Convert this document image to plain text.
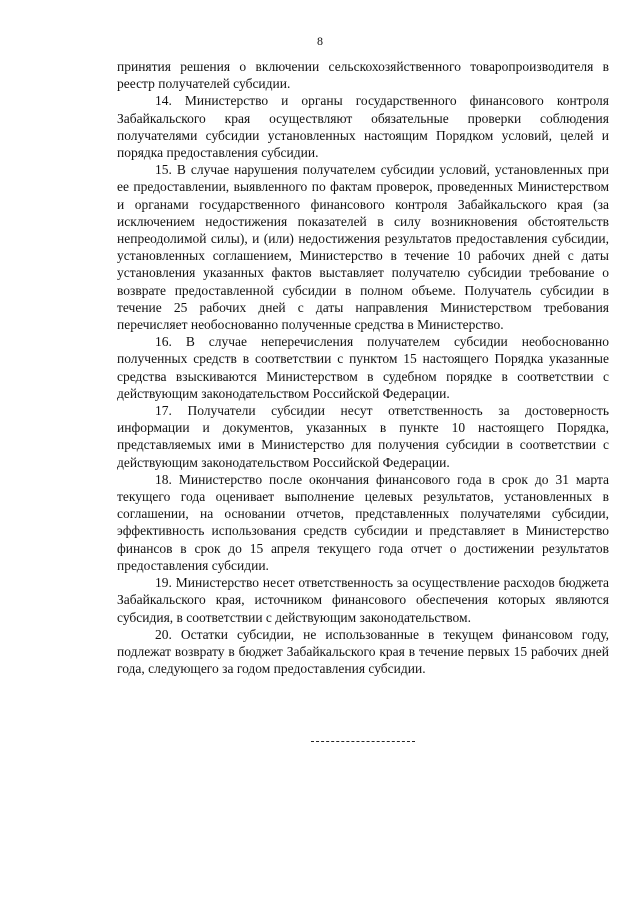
8

принятия решения о включении сельскохозяйственного товаропроизводителя в реестр получателей субсидии.

14. Министерство и органы государственного финансового контроля Забайкальского края осуществляют обязательные проверки соблюдения получателями субсидии установленных настоящим Порядком условий, целей и порядка предоставления субсидии.

15. В случае нарушения получателем субсидии условий, установленных при ее предоставлении, выявленного по фактам проверок, проведенных Министерством и органами государственного финансового контроля Забайкальского края (за исключением недостижения показателей в силу возникновения обстоятельств непреодолимой силы), и (или) недостижения результатов предоставления субсидии, установленных соглашением, Министерство в течение 10 рабочих дней с даты установления указанных фактов выставляет получателю субсидии требование о возврате предоставленной субсидии в полном объеме. Получатель субсидии в течение 25 рабочих дней с даты направления Министерством требования перечисляет необоснованно полученные средства в Министерство.

16. В случае неперечисления получателем субсидии необоснованно полученных средств в соответствии с пунктом 15 настоящего Порядка указанные средства взыскиваются Министерством в судебном порядке в соответствии с действующим законодательством Российской Федерации.

17. Получатели субсидии несут ответственность за достоверность информации и документов, указанных в пункте 10 настоящего Порядка, представляемых ими в Министерство для получения субсидии в соответствии с действующим законодательством Российской Федерации.

18. Министерство после окончания финансового года в срок до 31 марта текущего года оценивает выполнение целевых результатов, установленных в соглашении, на основании отчетов, представленных получателями субсидии, эффективность использования средств субсидии и представляет в Министерство финансов в срок до 15 апреля текущего года отчет о достижении результатов предоставления субсидии.

19. Министерство несет ответственность за осуществление расходов бюджета Забайкальского края, источником финансового обеспечения которых являются субсидия, в соответствии с действующим законодательством.

20. Остатки субсидии, не использованные в текущем финансовом году, подлежат возврату в бюджет Забайкальского края в течение первых 15 рабочих дней года, следующего за годом предоставления субсидии.
